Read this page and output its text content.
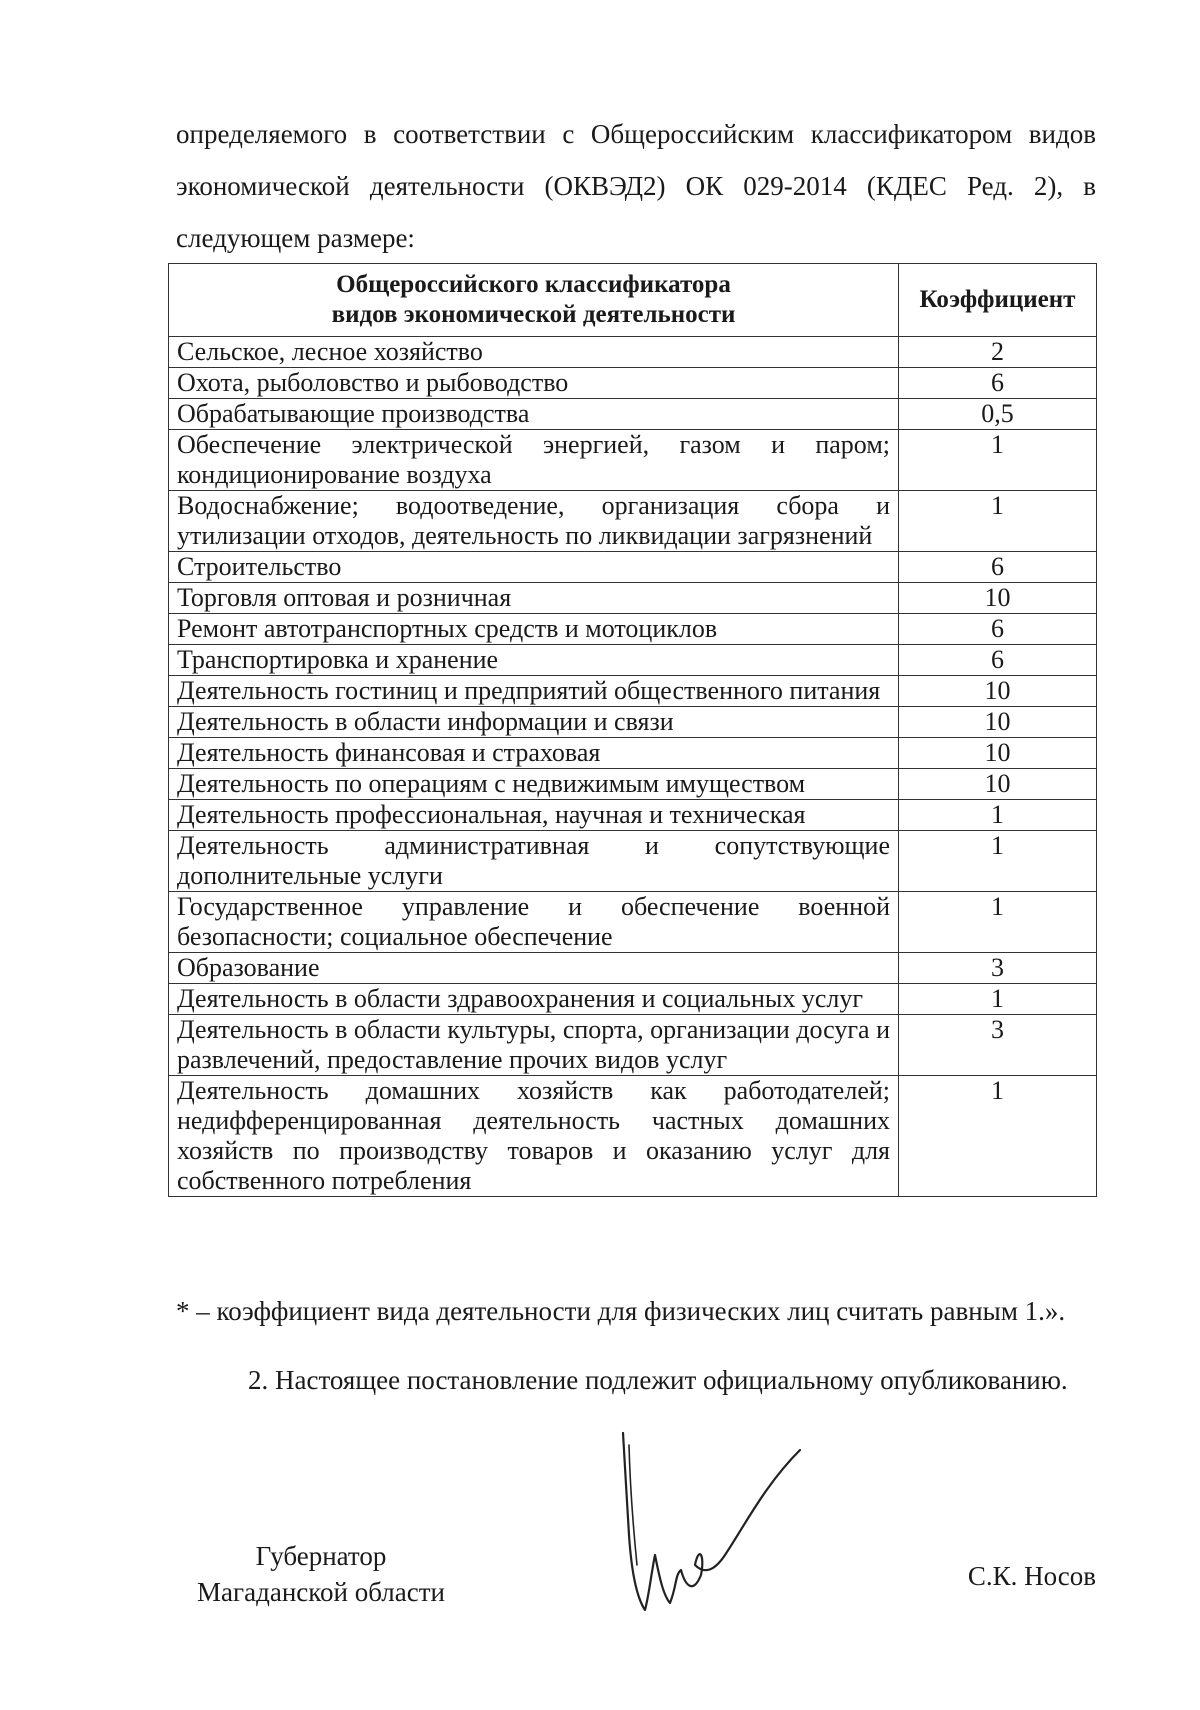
определяемого в соответствии с Общероссийским классификатором видов экономической деятельности (ОКВЭД2) ОК 029-2014 (КДЕС Ред. 2), в следующем размере:
Общероссийского классификатора
видов экономической деятельности	Коэффициент
Сельское, лесное хозяйство	2
Охота, рыболовство и рыбоводство	6
Обрабатывающие производства	0,5
Обеспечение электрической энергией, газом и паром; кондиционирование воздуха	1
Водоснабжение; водоотведение, организация сбора и утилизации отходов, деятельность по ликвидации загрязнений	1
Строительство	6
Торговля оптовая и розничная	10
Ремонт автотранспортных средств и мотоциклов	6
Транспортировка и хранение	6
Деятельность гостиниц и предприятий общественного питания	10
Деятельность в области информации и связи	10
Деятельность финансовая и страховая	10
Деятельность по операциям с недвижимым имуществом	10
Деятельность профессиональная, научная и техническая	1
Деятельность административная и сопутствующие дополнительные услуги	1
Государственное управление и обеспечение военной безопасности; социальное обеспечение	1
Образование	3
Деятельность в области здравоохранения и социальных услуг	1
Деятельность в области культуры, спорта, организации досуга и развлечений, предоставление прочих видов услуг	3
Деятельность домашних хозяйств как работодателей; недифференцированная деятельность частных домашних хозяйств по производству товаров и оказанию услуг для собственного потребления	1
* – коэффициент вида деятельности для физических лиц считать равным 1.».
2. Настоящее постановление подлежит официальному опубликованию.
Губернатор
Магаданской области
С.К. Носов
